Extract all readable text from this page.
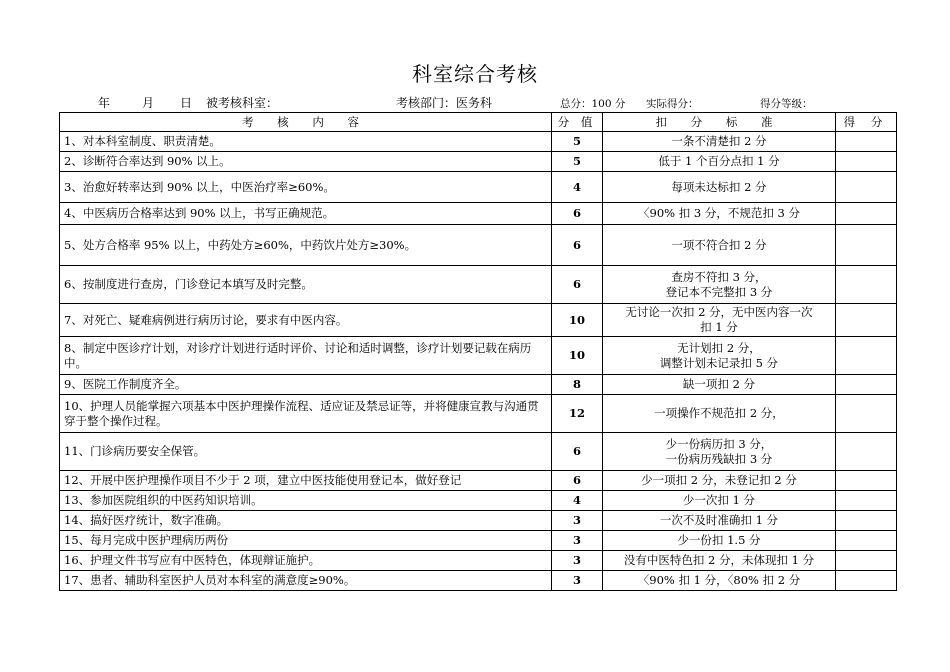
科室综合考核
年	月 日 被考核科室：	考核部门：医务科	总分：100 分 实际得分：	得分等级：
考 核 内 容	分 值	扣 分 标 准	得 分
1、对本科室制度、职责清楚。	5	一条不清楚扣 2 分	
2、诊断符合率达到 90% 以上。	5	低于 1 个百分点扣 1 分	
3、治愈好转率达到 90% 以上，中医治疗率≥60%。	4	每项未达标扣 2 分	
4、中医病历合格率达到 90% 以上，书写正确规范。	6	〈90% 扣 3 分，不规范扣 3 分	
5、处方合格率 95% 以上，中药处方≥60%，中药饮片处方≥30%。	6	一项不符合扣 2 分	
6、按制度进行查房，门诊登记本填写及时完整。	6	查房不符扣 3 分，
登记本不完整扣 3 分	
7、对死亡、疑难病例进行病历讨论，要求有中医内容。	10	无讨论一次扣 2 分，无中医内容一次
扣 1 分	
8、制定中医诊疗计划，对诊疗计划进行适时评价、讨论和适时调整，诊疗计划要记载在病历中。	10	无计划扣 2 分，
调整计划未记录扣 5 分	
9、医院工作制度齐全。	8	缺一项扣 2 分	
10、护理人员能掌握六项基本中医护理操作流程、适应证及禁忌证等，并将健康宣教与沟通贯穿于整个操作过程。	12	一项操作不规范扣 2 分，	
11、门诊病历要安全保管。	6	少一份病历扣 3 分，
一份病历残缺扣 3 分	
12、开展中医护理操作项目不少于 2 项，建立中医技能使用登记本，做好登记	6	少一项扣 2 分，未登记扣 2 分	
13、参加医院组织的中医药知识培训。	4	少一次扣 1 分	
14、搞好医疗统计，数字准确。	3	一次不及时准确扣 1 分	
15、每月完成中医护理病历两份	3	少一份扣 1.5 分	
16、护理文件书写应有中医特色，体现辩证施护。	3	没有中医特色扣 2 分，未体现扣 1 分	
17、患者、辅助科室医护人员对本科室的满意度≥90%。	3	〈90% 扣 1 分，〈80% 扣 2 分	
